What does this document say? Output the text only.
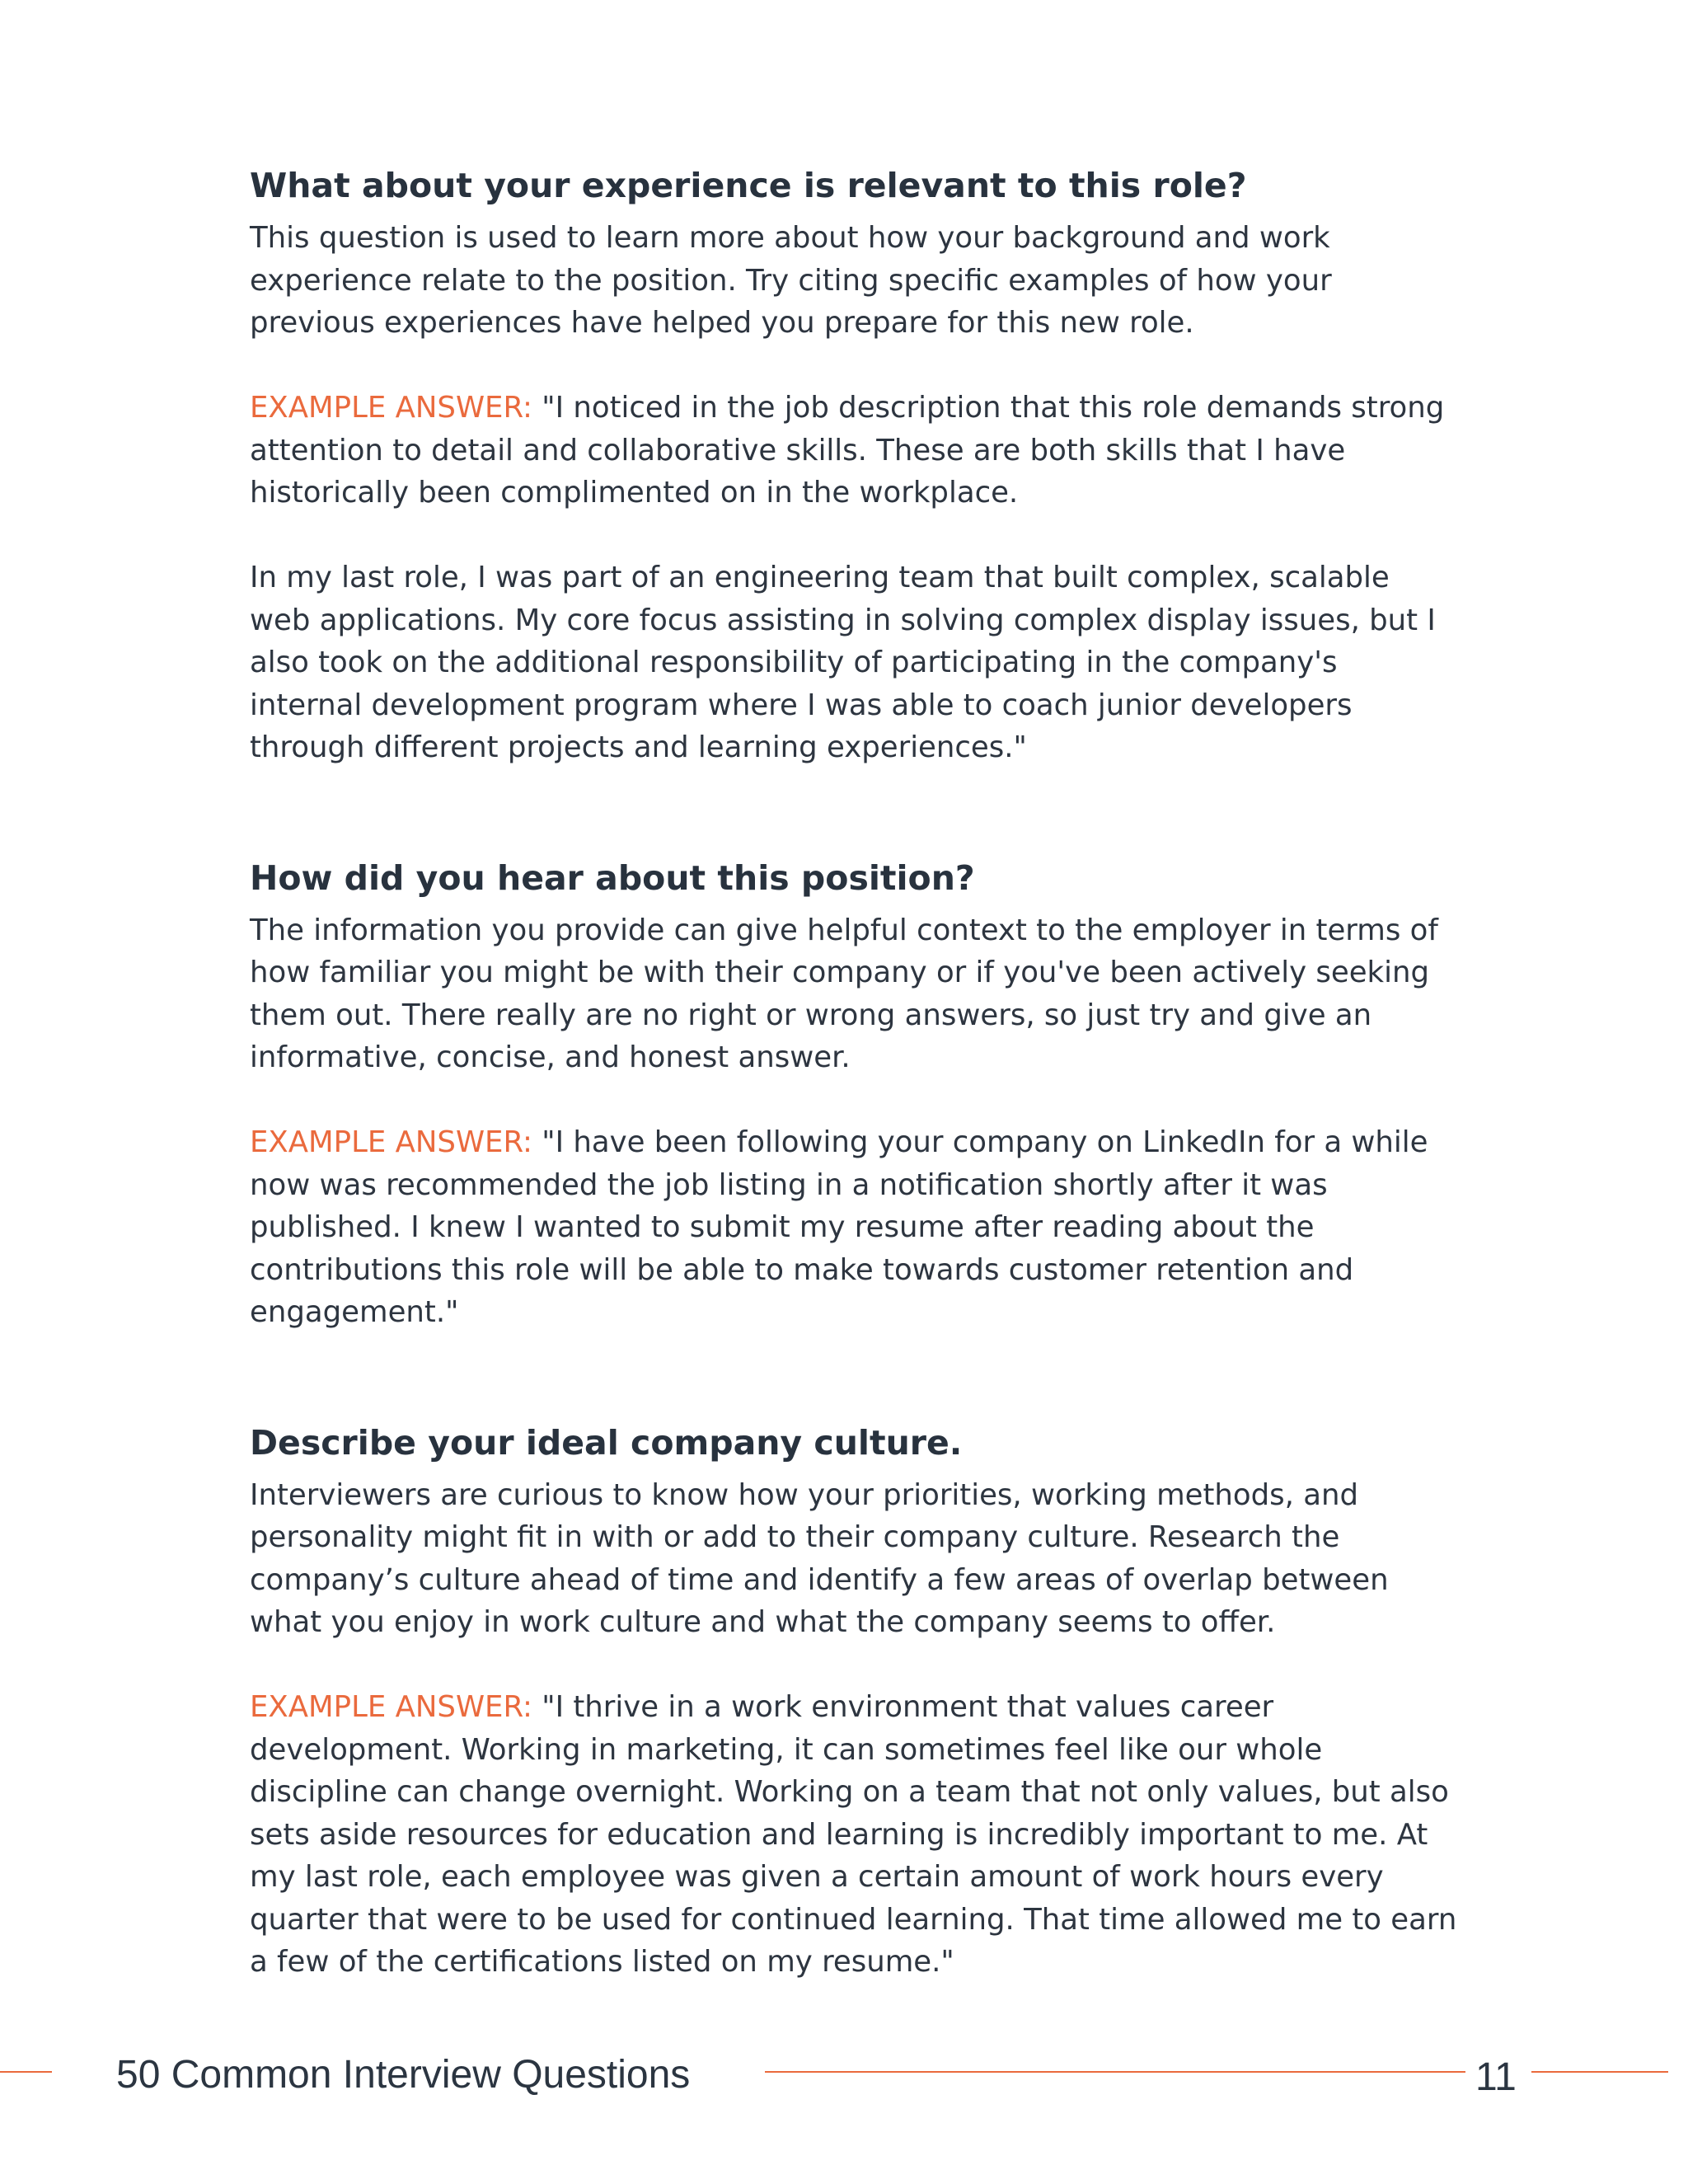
What about your experience is relevant to this role?

This question is used to learn more about how your background and work
experience relate to the position. Try citing specific examples of how your
previous experiences have helped you prepare for this new role.

EXAMPLE ANSWER: "I noticed in the job description that this role demands strong
attention to detail and collaborative skills. These are both skills that I have
historically been complimented on in the workplace.

In my last role, I was part of an engineering team that built complex, scalable
web applications. My core focus assisting in solving complex display issues, but I
also took on the additional responsibility of participating in the company's
internal development program where I was able to coach junior developers
through different projects and learning experiences."

How did you hear about this position?

The information you provide can give helpful context to the employer in terms of
how familiar you might be with their company or if you've been actively seeking
them out. There really are no right or wrong answers, so just try and give an
informative, concise, and honest answer.

EXAMPLE ANSWER: "I have been following your company on LinkedIn for a while
now was recommended the job listing in a notification shortly after it was
published. I knew I wanted to submit my resume after reading about the
contributions this role will be able to make towards customer retention and
engagement."

Describe your ideal company culture.

Interviewers are curious to know how your priorities, working methods, and
personality might fit in with or add to their company culture. Research the
company’s culture ahead of time and identify a few areas of overlap between
what you enjoy in work culture and what the company seems to offer.

EXAMPLE ANSWER: "I thrive in a work environment that values career
development. Working in marketing, it can sometimes feel like our whole
discipline can change overnight. Working on a team that not only values, but also
sets aside resources for education and learning is incredibly important to me. At
my last role, each employee was given a certain amount of work hours every
quarter that were to be used for continued learning. That time allowed me to earn
a few of the certifications listed on my resume."

50 Common Interview Questions	11
